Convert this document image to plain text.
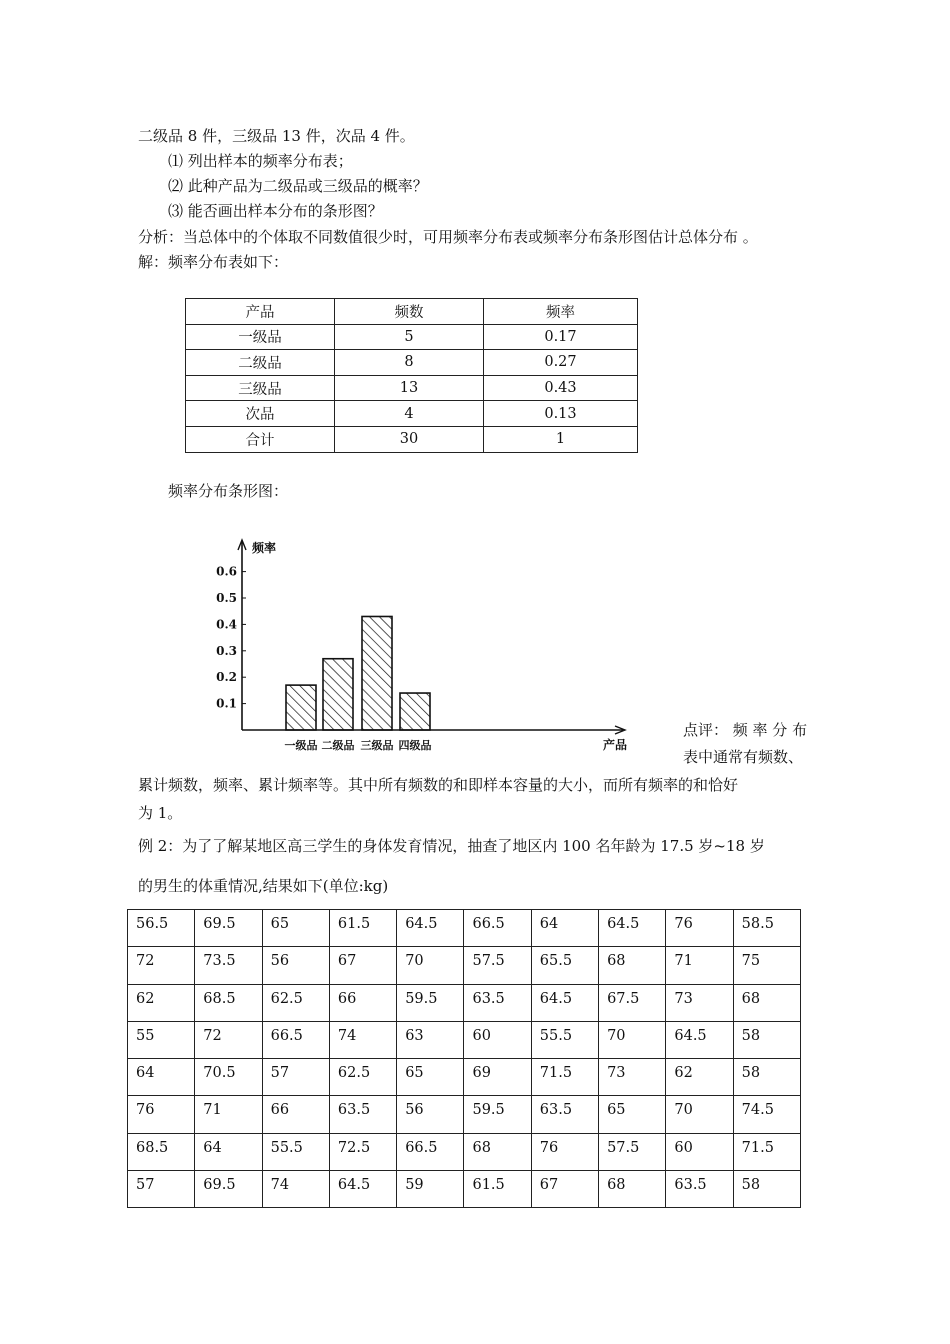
二级品 8 件，三级品 13 件，次品 4 件。
⑴ 列出样本的频率分布表；
⑵ 此种产品为二级品或三级品的概率？
⑶ 能否画出样本分布的条形图？
分析：当总体中的个体取不同数值很少时，可用频率分布表或频率分布条形图估计总体分布 。
解：频率分布表如下：
产品	频数	频率
一级品	5	0.17
二级品	8	0.27
三级品	13	0.43
次品	4	0.13
合计	30	1
频率分布条形图：
频率
产品
0.1
0.2
0.3
0.4
0.5
0.6
一级品 二级品 三级品 四级品
点评： 频 率 分 布
表中通常有频数、
累计频数，频率、累计频率等。其中所有频数的和即样本容量的大小，而所有频率的和恰好
为 1。
例 2：为了了解某地区高三学生的身体发育情况，抽查了地区内 100 名年龄为 17.5 岁~18 岁
的男生的体重情况,结果如下(单位:kg)
56.5	69.5	65	61.5	64.5	66.5	64	64.5	76	58.5
72	73.5	56	67	70	57.5	65.5	68	71	75
62	68.5	62.5	66	59.5	63.5	64.5	67.5	73	68
55	72	66.5	74	63	60	55.5	70	64.5	58
64	70.5	57	62.5	65	69	71.5	73	62	58
76	71	66	63.5	56	59.5	63.5	65	70	74.5
68.5	64	55.5	72.5	66.5	68	76	57.5	60	71.5
57	69.5	74	64.5	59	61.5	67	68	63.5	58
